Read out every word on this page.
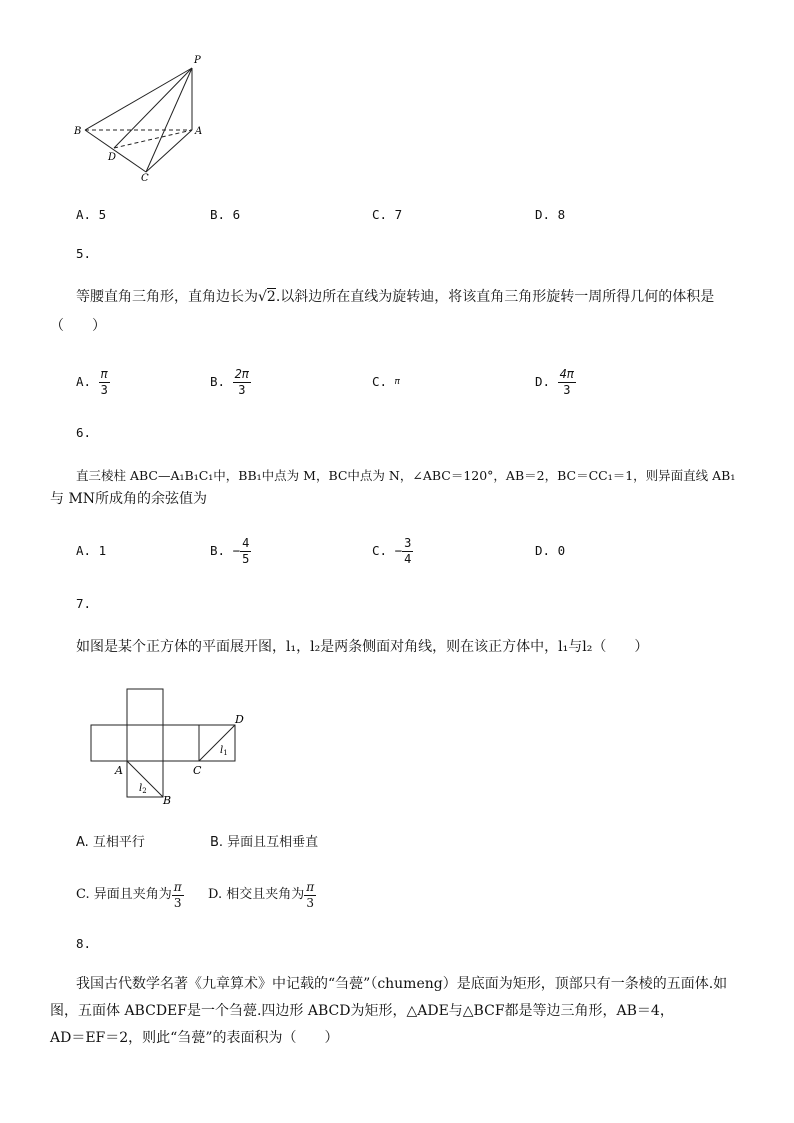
P
B	A
D
C
A. 5	B. 6	C. 7	D. 8
5.
等腰直角三角形，直角边长为√2.以斜边所在直线为旋转迪，将该直角三角形旋转一周所得几何的体积是
（　　）
A.
$\frac{\pi}{3}$	B.
$\frac{2\pi}{3}$	C.
π	D.
$\frac{4\pi}{3}$
6.
直三棱柱 ABC—A₁B₁C₁中，BB₁中点为 M，BC中点为 N，∠ABC＝120°，AB＝2，BC＝CC₁＝1，则异面直线 AB₁
与 MN所成角的余弦值为
A. 1	B. − $\frac{4}{5}$	C. − $\frac{3}{4}$	D. 0
7.
如图是某个正方体的平面展开图，l₁，l₂是两条侧面对角线，则在该正方体中，l₁与l₂（　　）
D
A	C
B
$l_1$
$l_2$
A. 互相平行	B. 异面且互相垂直
C. 异面且夹角为 $\frac{\pi}{3} D$. 相交且夹角为 $\frac{\pi}{3}$
8.
我国古代数学名著《九章算术》中记载的“刍甍”（chumeng）是底面为矩形，顶部只有一条棱的五面体.如
图，五面体 ABCDEF是一个刍甍.四边形 ABCD为矩形，△ADE与△BCF都是等边三角形，AB＝4，
AD＝EF＝2，则此“刍甍”的表面积为（　　）
